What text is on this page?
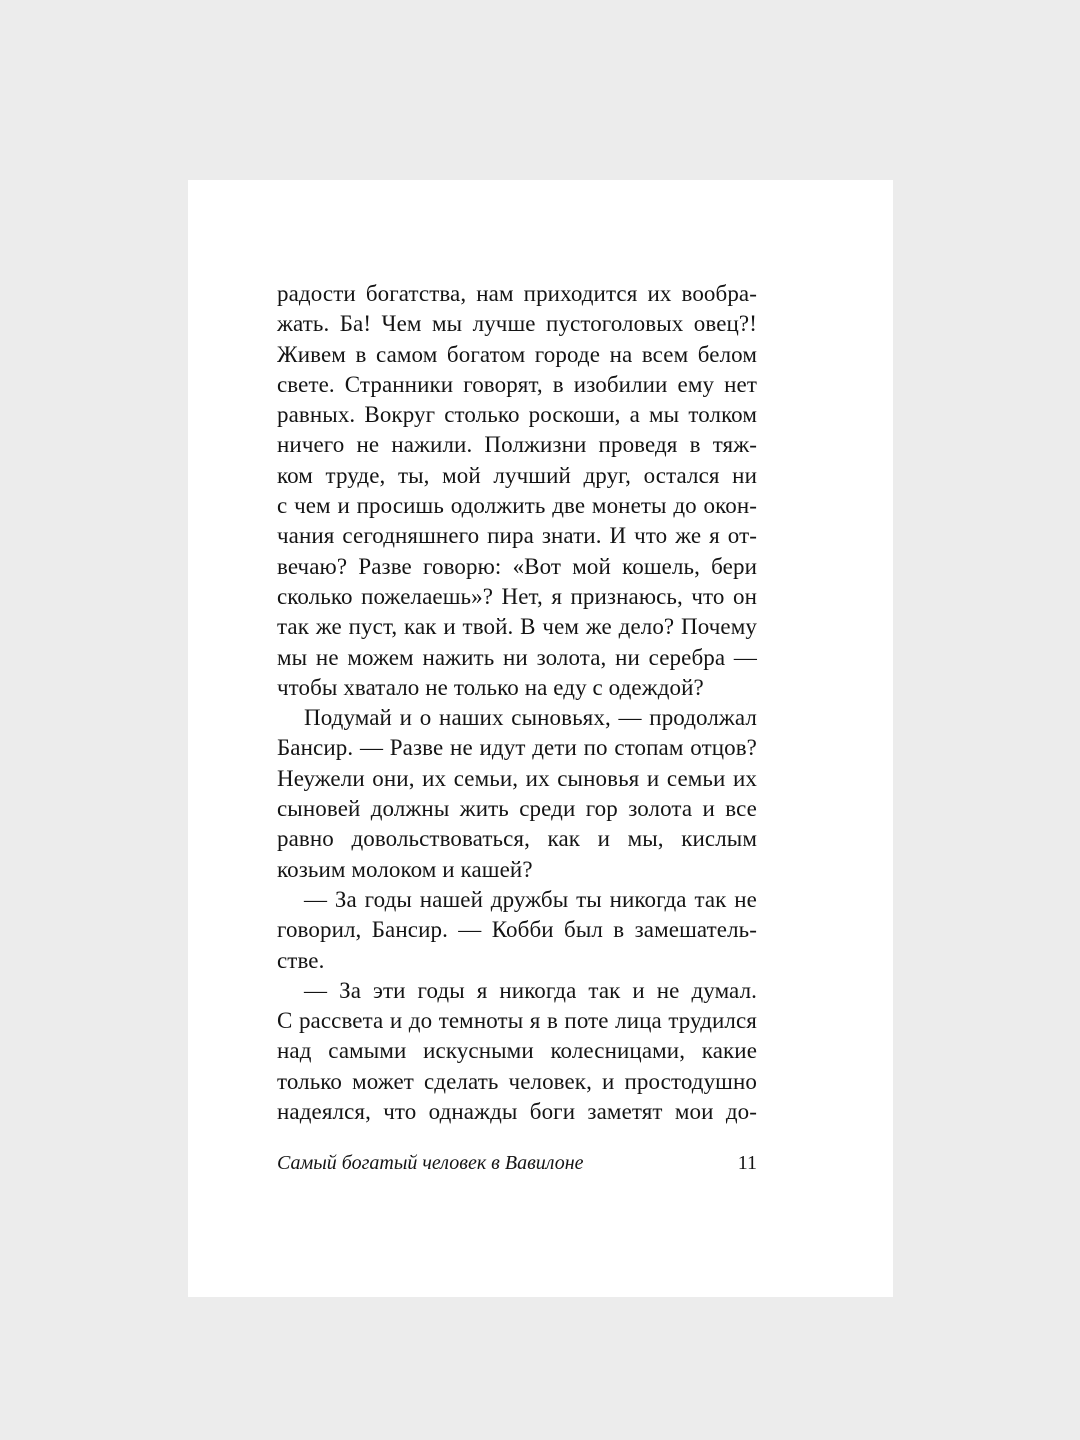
радости богатства, нам приходится их вообра-
жать. Ба! Чем мы лучше пустоголовых овец?!
Живем в самом богатом городе на всем белом
свете. Странники говорят, в изобилии ему нет
равных. Вокруг столько роскоши, а мы толком
ничего не нажили. Полжизни проведя в тяж-
ком труде, ты, мой лучший друг, остался ни
с чем и просишь одолжить две монеты до окон-
чания сегодняшнего пира знати. И что же я от-
вечаю? Разве говорю: «Вот мой кошель, бери
сколько пожелаешь»? Нет, я признаюсь, что он
так же пуст, как и твой. В чем же дело? Почему
мы не можем нажить ни золота, ни серебра —
чтобы хватало не только на еду с одеждой?
Подумай и о наших сыновьях, — продолжал
Бансир. — Разве не идут дети по стопам отцов?
Неужели они, их семьи, их сыновья и семьи их
сыновей должны жить среди гор золота и все
равно довольствоваться, как и мы, кислым
козьим молоком и кашей?
— За годы нашей дружбы ты никогда так не
говорил, Бансир. — Кобби был в замешатель-
стве.
— За эти годы я никогда так и не думал.
С рассвета и до темноты я в поте лица трудился
над самыми искусными колесницами, какие
только может сделать человек, и простодушно
надеялся, что однажды боги заметят мои до-
Самый богатый человек в Вавилоне	11
